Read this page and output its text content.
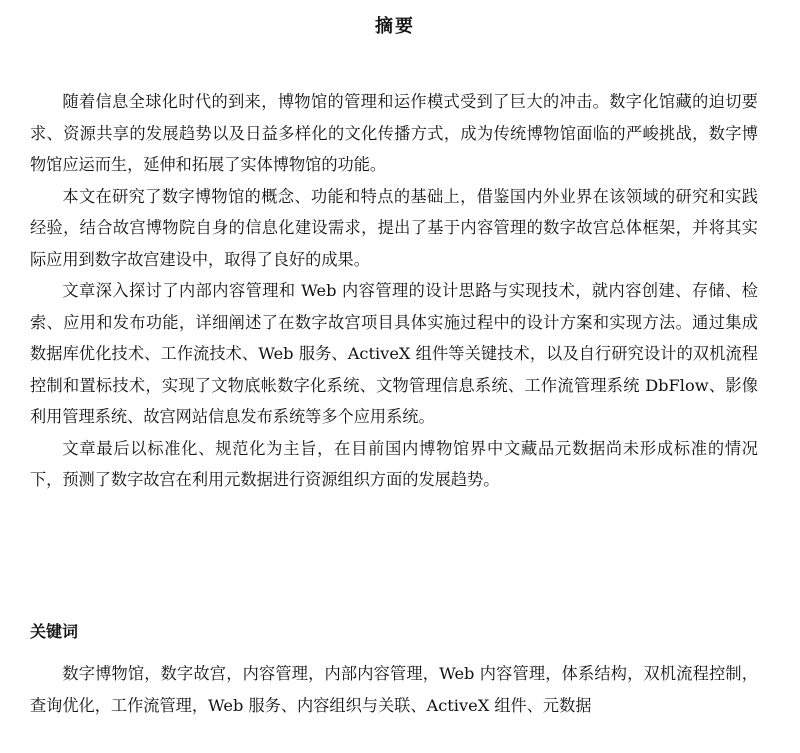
摘要

随着信息全球化时代的到来，博物馆的管理和运作模式受到了巨大的冲击。数字化馆藏的迫切要求、资源共享的发展趋势以及日益多样化的文化传播方式，成为传统博物馆面临的严峻挑战，数字博物馆应运而生，延伸和拓展了实体博物馆的功能。

本文在研究了数字博物馆的概念、功能和特点的基础上，借鉴国内外业界在该领域的研究和实践经验，结合故宫博物院自身的信息化建设需求，提出了基于内容管理的数字故宫总体框架，并将其实际应用到数字故宫建设中，取得了良好的成果。

文章深入探讨了内部内容管理和 Web 内容管理的设计思路与实现技术，就内容创建、存储、检索、应用和发布功能，详细阐述了在数字故宫项目具体实施过程中的设计方案和实现方法。通过集成数据库优化技术、工作流技术、Web 服务、ActiveX 组件等关键技术，以及自行研究设计的双机流程控制和置标技术，实现了文物底帐数字化系统、文物管理信息系统、工作流管理系统 DbFlow、影像利用管理系统、故宫网站信息发布系统等多个应用系统。

文章最后以标准化、规范化为主旨，在目前国内博物馆界中文藏品元数据尚未形成标准的情况下，预测了数字故宫在利用元数据进行资源组织方面的发展趋势。

关键词

数字博物馆，数字故宫，内容管理，内部内容管理，Web 内容管理，体系结构，双机流程控制，查询优化，工作流管理，Web 服务、内容组织与关联、ActiveX 组件、元数据
